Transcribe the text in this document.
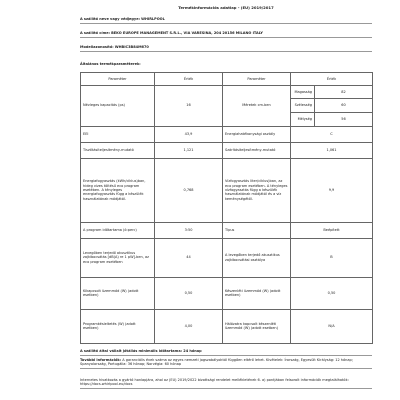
Termékinformációs adatlap - (EU) 2019/2017
A szállító neve vagy védjegye: WHIRLPOOL
A szállító címe: BEKO EUROPE MANAGEMENT S.R.L., VIA VARESINA, 204 20156 MILANO ITALY
Modellazonosító: WHBIC3B84M670
Általános termékparaméterek:
Paraméter	Érték	Paraméter	Érték	
Névleges kapacitás (ps)	16	Méretek cm-ben	Magasság	82
			Szélesség	60
			Mélység	56
EEI	43,9	Energiahatékonysági osztály	C	
Tisztításiteljesítmény-mutató	1,121	Szárításiteljesítmény-mutató	1,061	
Energiafogyasztás (kWh/ciklus)ban, hideg vizes töltésű eco program esetében. A tényleges energiafogyasztás függ a készülék használatának módjától.	0,768	Vízfogyasztás liter/ciklus)ban, az eco program esetében. A tényleges vízfogyasztás függ a készülék használatának módjától és a víz keménységétől.	9,9	
A program időtartama (ó:perc)	3:50	Típus	Beépített	
Levegőben terjedő akusztikus zajkibocsátás [dB(A) re 1 pW]-ben, az eco program esetében	44	A levegőben terjedő akusztikus zajkibocsátási osztálya	B	
Kikapcsolt üzemmód (W) (adott esetben)	0,50	Készenléti üzemmód (W) (adott esetben)	0,50	
Programkésleltetés (W) (adott esetben)	4,00	Hálózatra kapcsolt készenléti üzemmód (W) (adott esetben)	N/A	
A szállító által vállalt jótállás minimális időtartama: 24 hónap
További információk: A garanciális évek száma az egyes nemzeti jogszabályoktól függően eltérő lehet. Kivételek: Írország, Egyesült Királyság: 12 hónap; Spanyolország, Portugália: 36 hónap; Norvégia: 60 hónap
Internetes hivatkozás a gyártó honlapjára, ahol az (EU) 2019/2022 bizottsági rendelet mellékletének 6. a) pontjában felsorolt információk megtalálhatók: https://docs.whirlpool.eu/docs
